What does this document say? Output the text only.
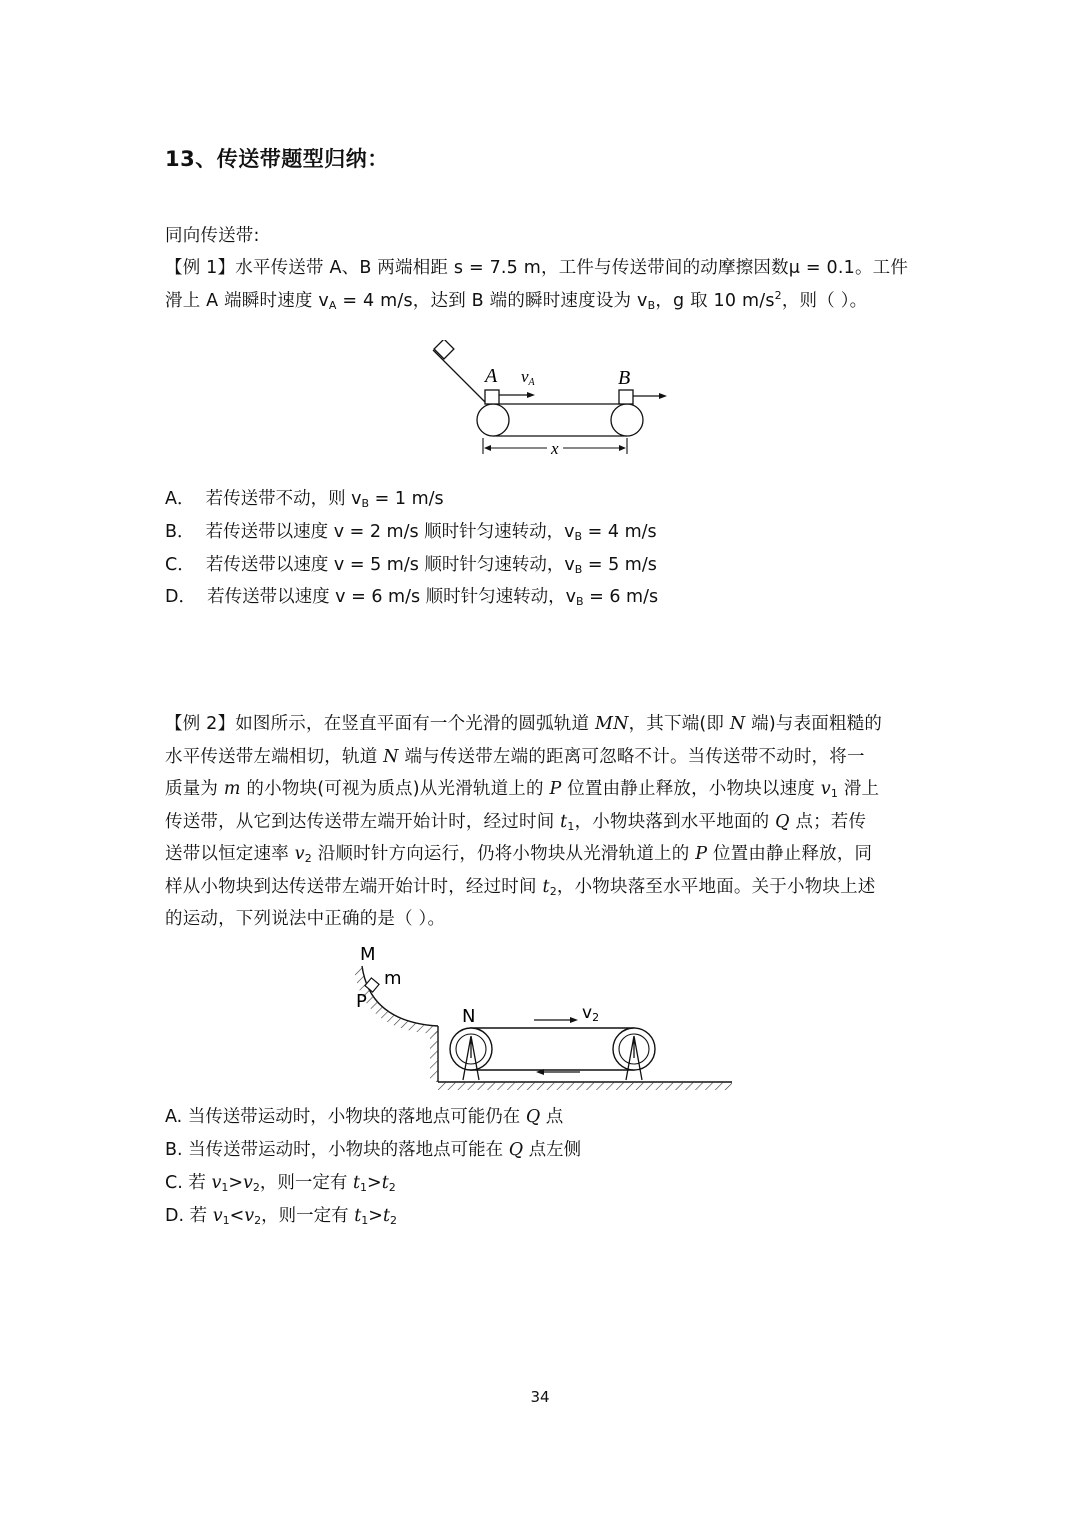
13、传送带题型归纳：
同向传送带:
【例 1】水平传送带 A、B 两端相距 s = 7.5 m，工件与传送带间的动摩擦因数μ = 0.1。工件
滑上 A 端瞬时速度 $v_A = 4$ m/s，达到 B 端的瞬时速度设为 $v_B$，g 取 10 $m/s^2$，则（ ）。
A vA	B
x
A． 若传送带不动，则 $v_B = 1$ m/s
B． 若传送带以速度 v = 2 m/s 顺时针匀速转动，$v_B = 4$ m/s
C． 若传送带以速度 v = 5 m/s 顺时针匀速转动，$v_B = 5$ m/s
D． 若传送带以速度 v = 6 m/s 顺时针匀速转动，$v_B = 6$ m/s
【例 2】如图所示，在竖直平面有一个光滑的圆弧轨道 MN，其下端(即 N 端)与表面粗糙的
水平传送带左端相切，轨道 N 端与传送带左端的距离可忽略不计。当传送带不动时，将一
质量为 m 的小物块(可视为质点)从光滑轨道上的 P 位置由静止释放，小物块以速度 $v_1$ 滑上
传送带，从它到达传送带左端开始计时，经过时间 $t_1$，小物块落到水平地面的 Q 点；若传
送带以恒定速率 $v_2$ 沿顺时针方向运行，仍将小物块从光滑轨道上的 P 位置由静止释放，同
样从小物块到达传送带左端开始计时，经过时间 $t_2$，小物块落至水平地面。关于小物块上述
的运动，下列说法中正确的是（ ）。
M
m
P
N	v2
A. 当传送带运动时，小物块的落地点可能仍在 Q 点
B. 当传送带运动时，小物块的落地点可能在 Q 点左侧
C. 若 $v_1>v_2$，则一定有 $t_1>t_2$
D. 若 $v_1<v_2$，则一定有 $t_1>t_2$
34
